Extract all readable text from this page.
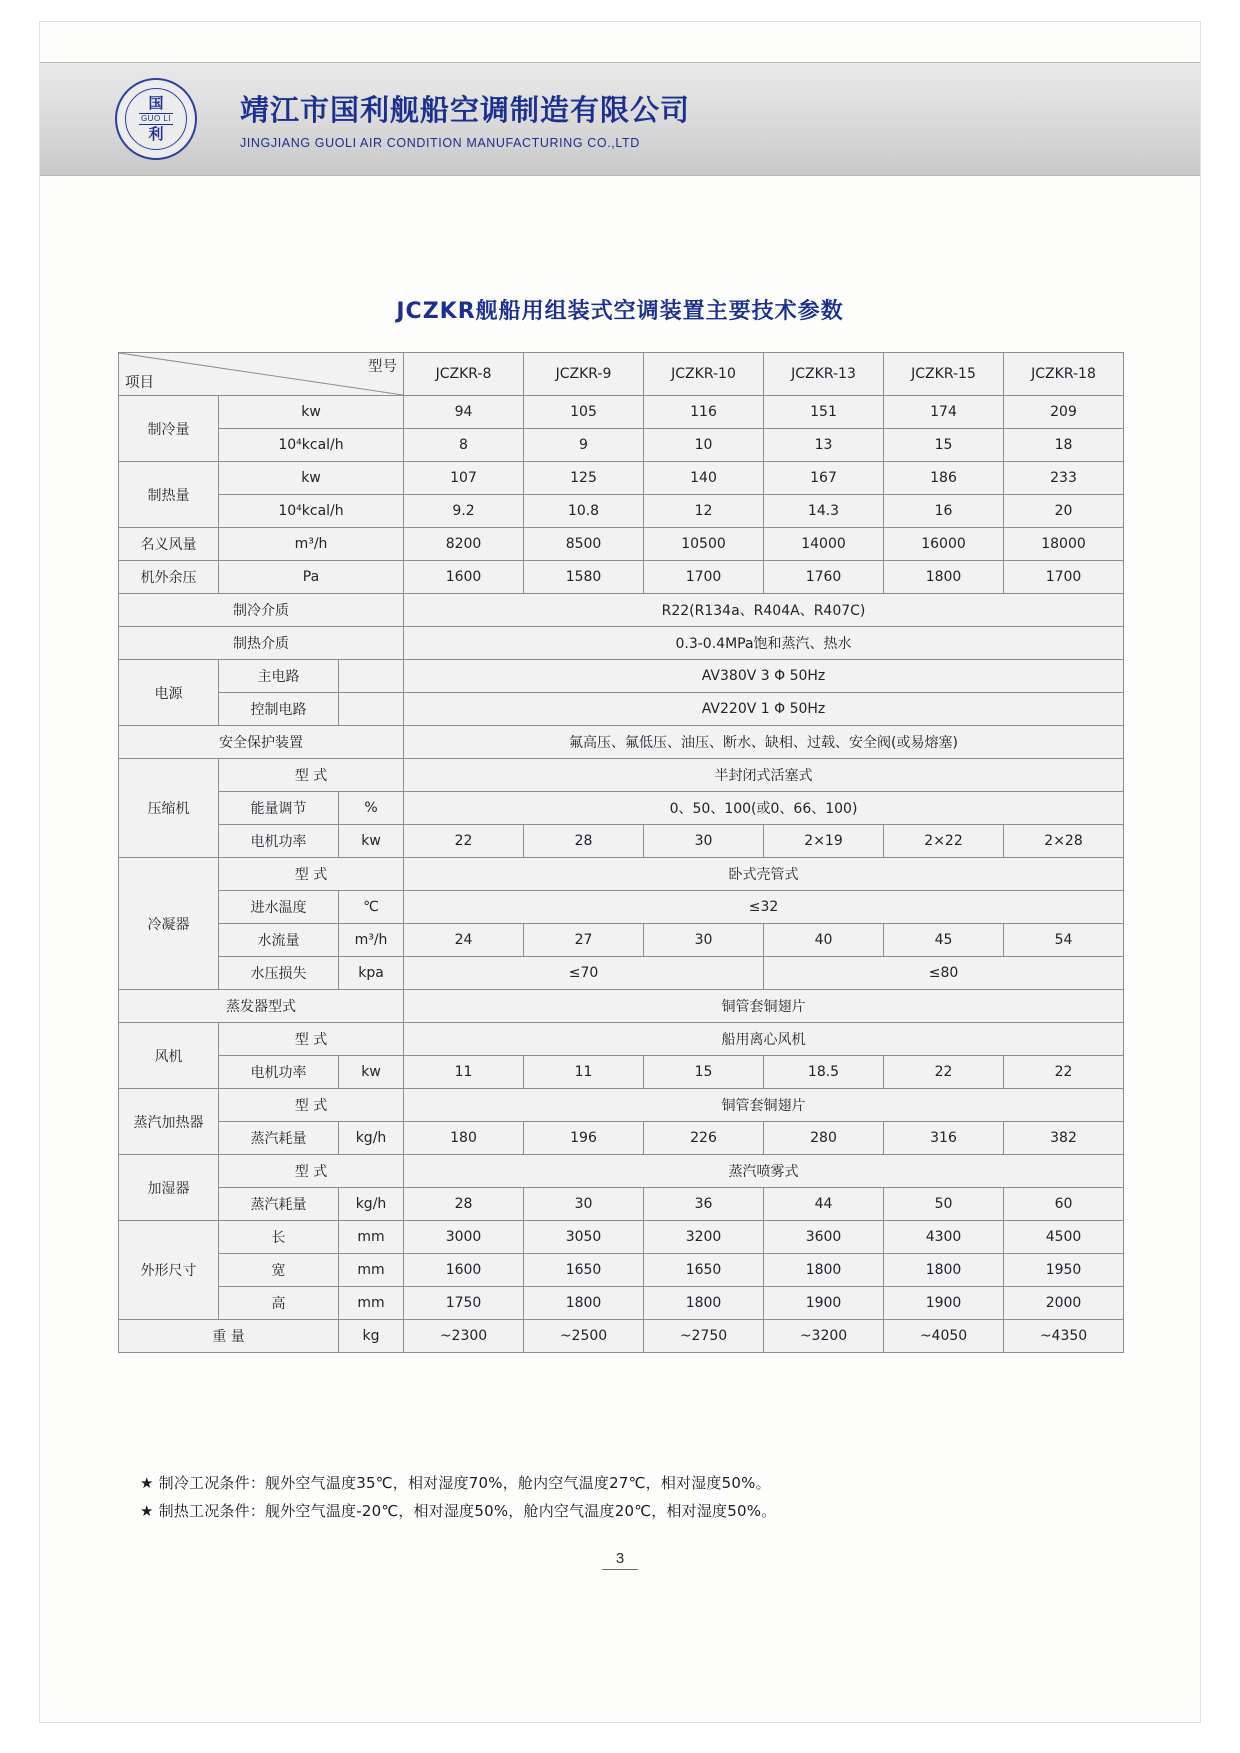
国
GUO LI
利
靖江市国利舰船空调制造有限公司
JINGJIANG GUOLI AIR CONDITION MANUFACTURING CO.,LTD
JCZKR舰船用组装式空调装置主要技术参数
项目
型号			JCZKR-8	JCZKR-9	JCZKR-10	JCZKR-13	JCZKR-15	JCZKR-18
制冷量	kw		94	105	116	151	174	209
	10⁴kcal/h		8	9	10	13	15	18
制热量	kw		107	125	140	167	186	233
	10⁴kcal/h		9.2	10.8	12	14.3	16	20
名义风量	m³/h		8200	8500	10500	14000	16000	18000
机外余压	Pa		1600	1580	1700	1760	1800	1700
制冷介质			R22(R134a、R404A、R407C)					
制热介质			0.3-0.4MPa饱和蒸汽、热水					
电源	主电路		AV380V 3 Φ 50Hz					
	控制电路		AV220V 1 Φ 50Hz					
安全保护装置			氟高压、氟低压、油压、断水、缺相、过载、安全阀(或易熔塞)					
压缩机	型 式		半封闭式活塞式					
	能量调节	%	0、50、100(或0、66、100)					
	电机功率	kw	22	28	30	2×19	2×22	2×28
冷凝器	型 式		卧式壳管式					
	进水温度	℃	≤32					
	水流量	m³/h	24	27	30	40	45	54
	水压损失	kpa	≤70			≤80		
蒸发器型式			铜管套铜翅片					
风机	型 式		船用离心风机					
	电机功率	kw	11	11	15	18.5	22	22
蒸汽加热器	型 式		铜管套铜翅片					
	蒸汽耗量	kg/h	180	196	226	280	316	382
加湿器	型 式		蒸汽喷雾式					
	蒸汽耗量	kg/h	28	30	36	44	50	60
外形尺寸	长	mm	3000	3050	3200	3600	4300	4500
	宽	mm	1600	1650	1650	1800	1800	1950
	高	mm	1750	1800	1800	1900	1900	2000
重 量		kg	~2300	~2500	~2750	~3200	~4050	~4350
★ 制冷工况条件：舰外空气温度35℃，相对湿度70%，舱内空气温度27℃，相对湿度50%。
★ 制热工况条件：舰外空气温度-20℃，相对湿度50%，舱内空气温度20℃，相对湿度50%。
3
